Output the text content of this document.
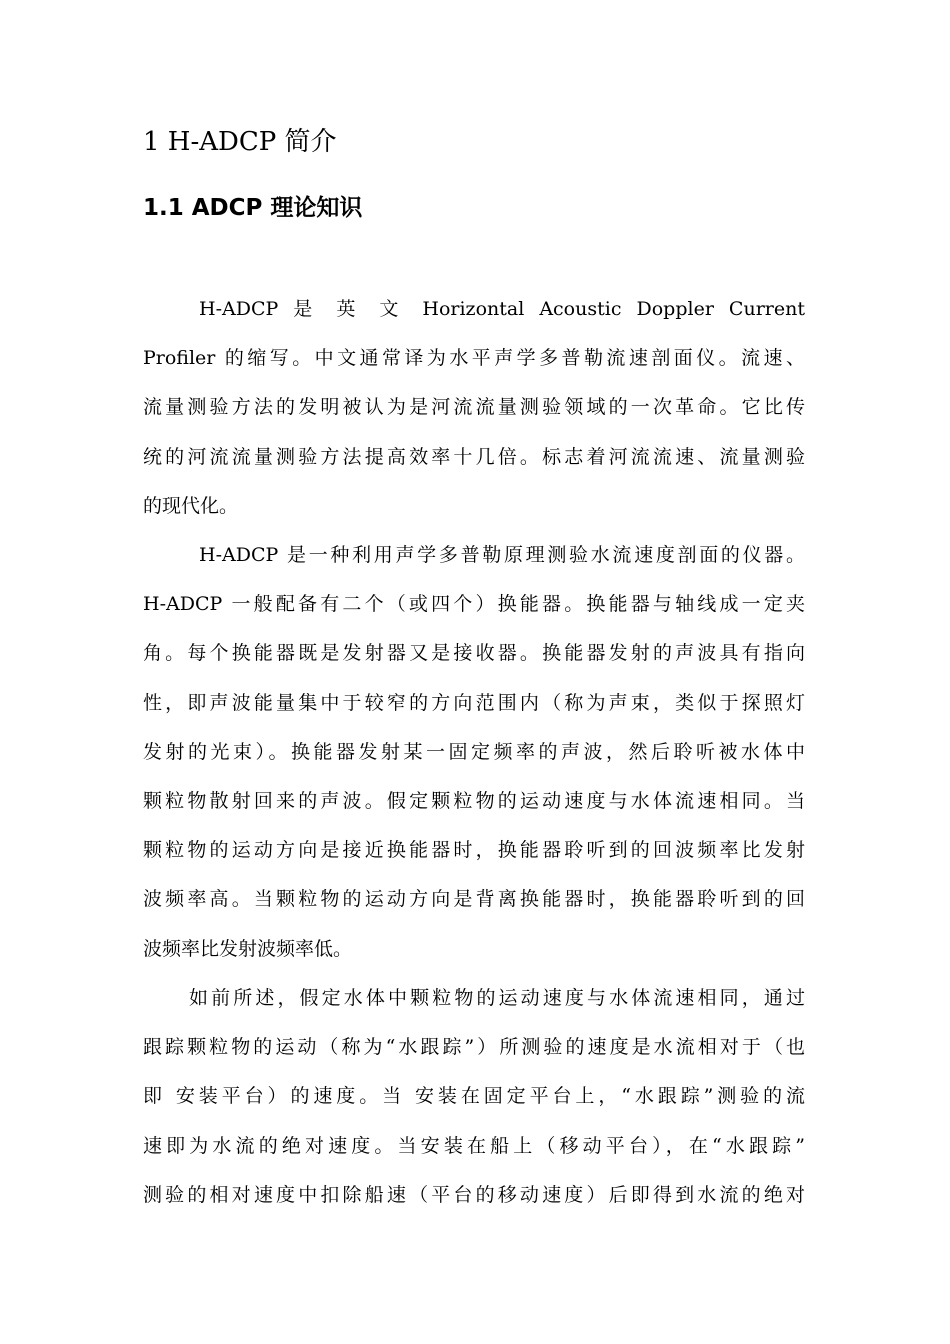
1 H-ADCP 简介
1.1 ADCP 理论知识
H-ADCP 是 英 文 Horizontal Acoustic Doppler Current
Profiler 的缩写。中文通常译为水平声学多普勒流速剖面仪。流速、
流量测验方法的发明被认为是河流流量测验领域的一次革命。它比传
统的河流流量测验方法提高效率十几倍。标志着河流流速、流量测验
的现代化。
H-ADCP 是一种利用声学多普勒原理测验水流速度剖面的仪器。
H-ADCP 一般配备有二个（或四个）换能器。换能器与轴线成一定夹
角。每个换能器既是发射器又是接收器。换能器发射的声波具有指向
性，即声波能量集中于较窄的方向范围内（称为声束，类似于探照灯
发射的光束）。换能器发射某一固定频率的声波，然后聆听被水体中
颗粒物散射回来的声波。假定颗粒物的运动速度与水体流速相同。当
颗粒物的运动方向是接近换能器时，换能器聆听到的回波频率比发射
波频率高。当颗粒物的运动方向是背离换能器时，换能器聆听到的回
波频率比发射波频率低。
如前所述，假定水体中颗粒物的运动速度与水体流速相同，通过
跟踪颗粒物的运动（称为“水跟踪”）所测验的速度是水流相对于（也
即 安装平台）的速度。当 安装在固定平台上，“水跟踪”测验的流
速即为水流的绝对速度。当安装在船上（移动平台），在“水跟踪”
测验的相对速度中扣除船速（平台的移动速度）后即得到水流的绝对
